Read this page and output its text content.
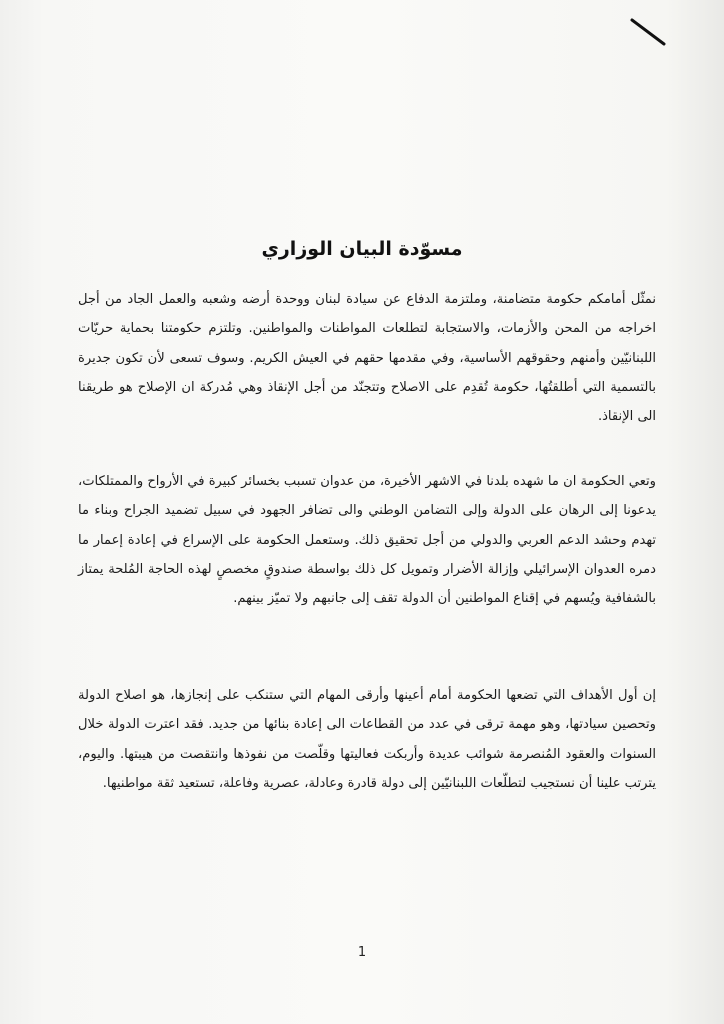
مسوّدة البيان الوزاري

نمثّل أمامكم حكومة متضامنة، وملتزمة الدفاع عن سيادة لبنان ووحدة أرضه وشعبه والعمل الجاد من أجل اخراجه من المحن والأزمات، والاستجابة لتطلعات المواطنات والمواطنين. وتلتزم حكومتنا بحماية حريّات اللبنانيّين وأمنهم وحقوقهم الأساسية، وفي مقدمها حقهم في العيش الكريم. وسوف تسعى لأن تكون جديرة بالتسمية التي أطلقتُها، حكومة تُقدِم على الاصلاح وتتجنّد من أجل الإنقاذ وهي مُدركة ان الإصلاح هو طريقنا الى الإنقاذ.

وتعي الحكومة ان ما شهده بلدنا في الاشهر الأخيرة، من عدوان تسبب بخسائر كبيرة في الأرواح والممتلكات، يدعونا إلى الرهان على الدولة وإلى التضامن الوطني والى تضافر الجهود في سبيل تضميد الجراح وبناء ما تهدم وحشد الدعم العربي والدولي من أجل تحقيق ذلك. وستعمل الحكومة على الإسراع في إعادة إعمار ما دمره العدوان الإسرائيلي وإزالة الأضرار وتمويل كل ذلك بواسطة صندوقٍ مخصصٍ لهذه الحاجة المُلحة يمتاز بالشفافية ويُسهم في إقناع المواطنين أن الدولة تقف إلى جانبهم ولا تميّز بينهم.

إن أول الأهداف التي تضعها الحكومة أمام أعينها وأرقى المهام التي ستنكب على إنجازها، هو اصلاح الدولة وتحصين سيادتها، وهو مهمة ترقى في عدد من القطاعات الى إعادة بنائها من جديد. فقد اعترت الدولة خلال السنوات والعقود المُنصرمة شوائب عديدة وأربكت فعاليتها وقلّصت من نفوذها وانتقصت من هيبتها. واليوم، يترتب علينا أن نستجيب لتطلّعات اللبنانيّين إلى دولة قادرة وعادلة، عصرية وفاعلة، تستعيد ثقة مواطنيها.

1
